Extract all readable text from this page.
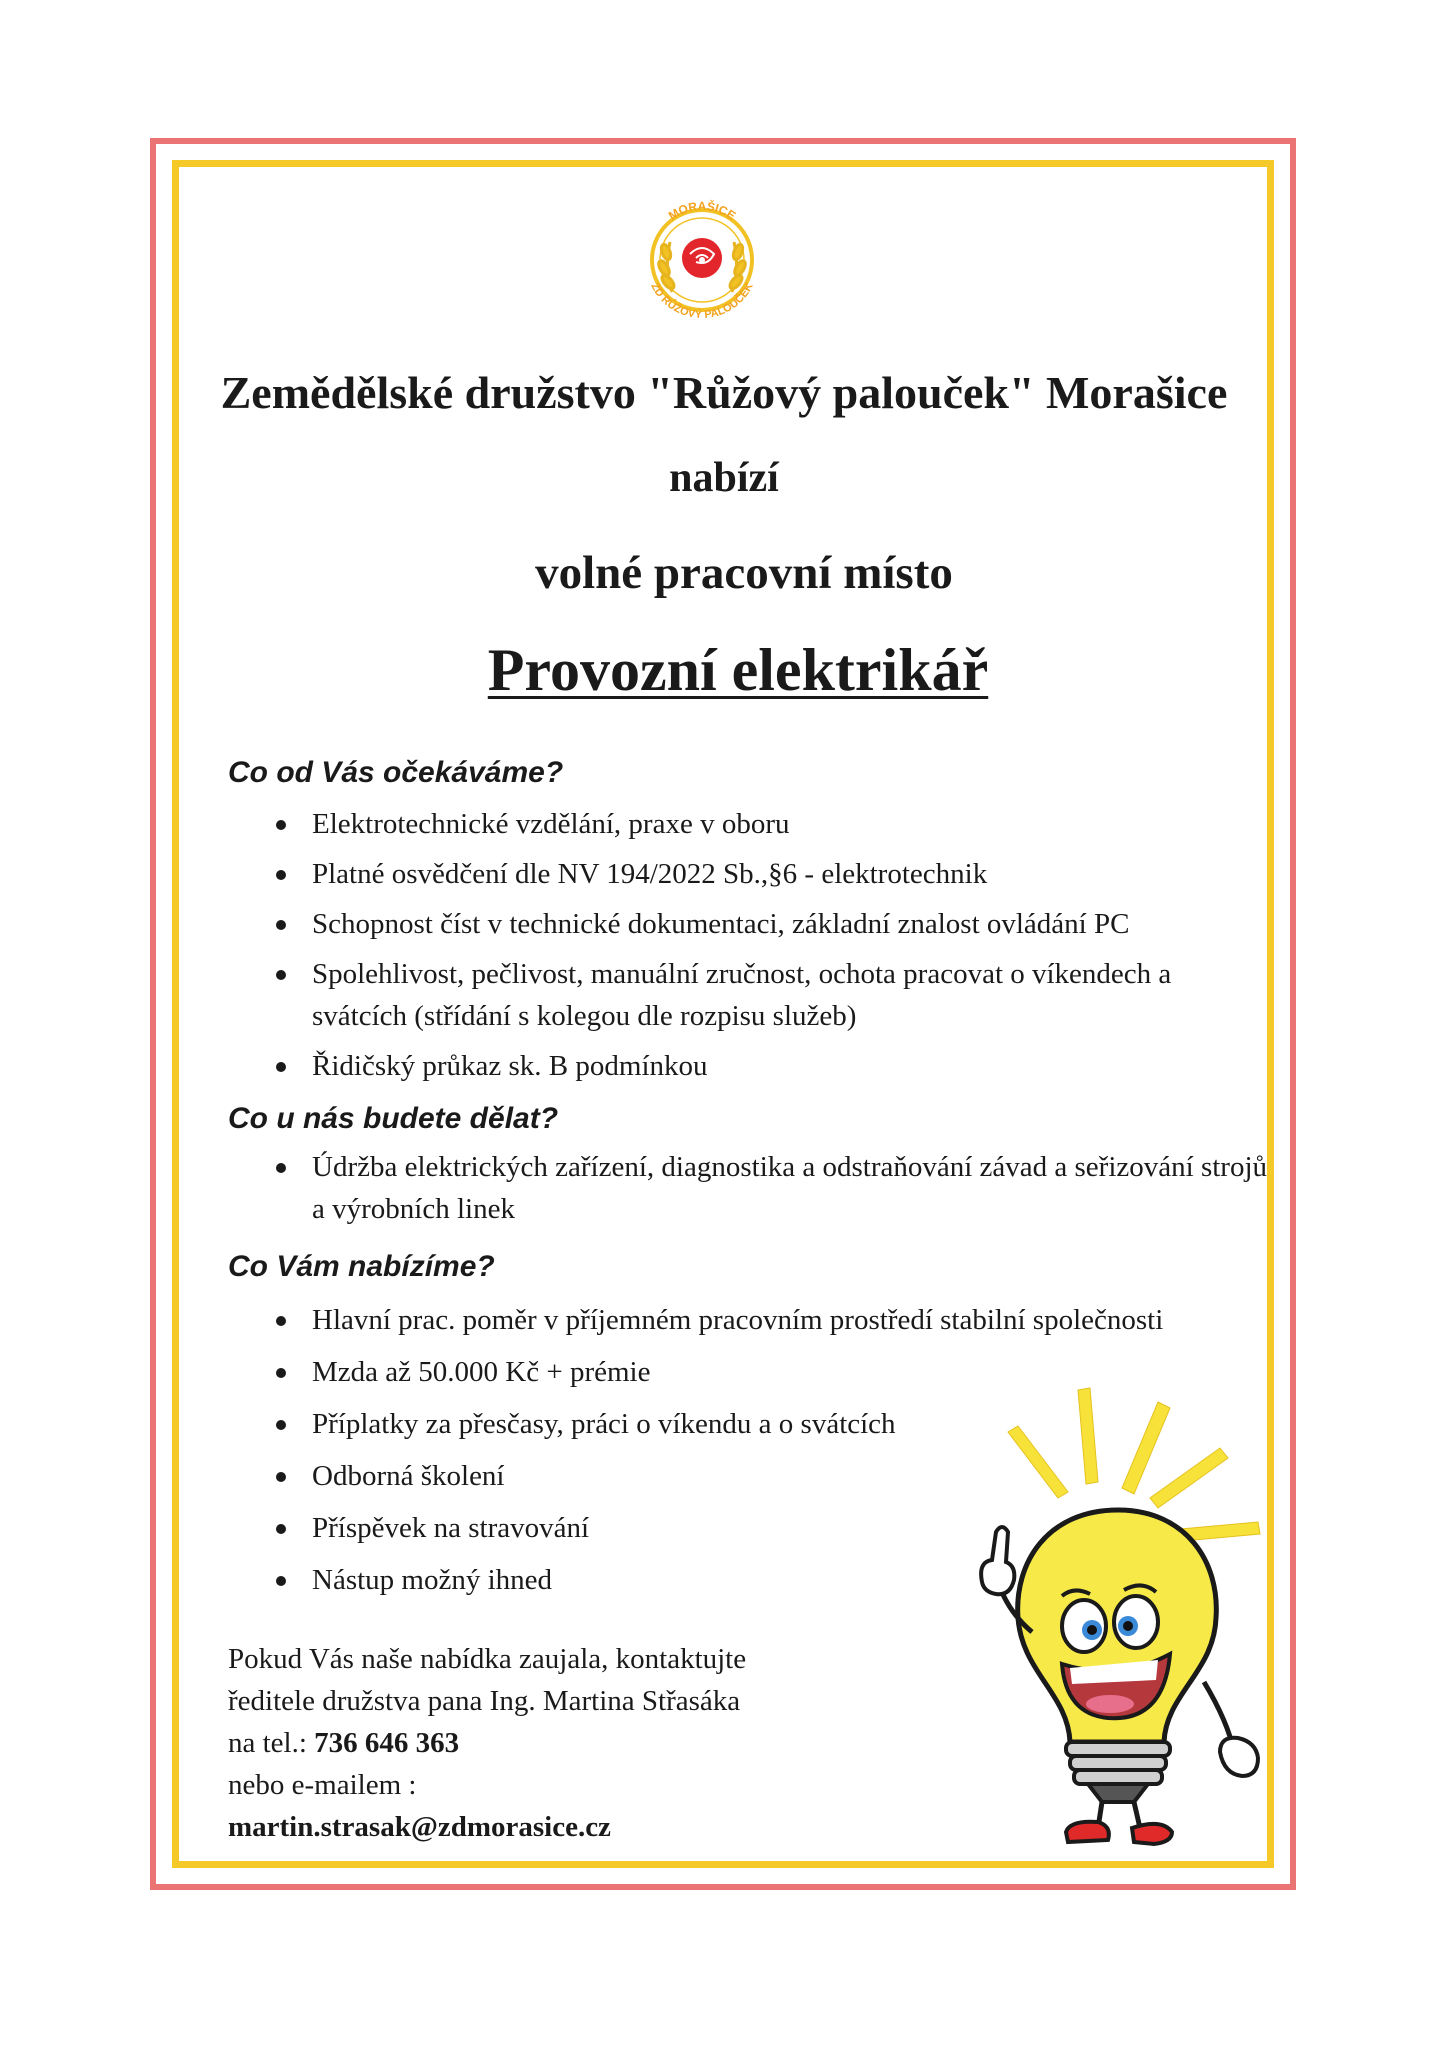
MORAŠICE
ZD RŮŽOVÝ PALOUČEK
Zemědělské družstvo "Růžový palouček" Morašice
nabízí
volné pracovní místo
Provozní elektrikář
Co od Vás očekáváme?
Elektrotechnické vzdělání, praxe v oboru
Platné osvědčení dle NV 194/2022 Sb.,§6 - elektrotechnik
Schopnost číst v technické dokumentaci, základní znalost ovládání PC
Spolehlivost, pečlivost, manuální zručnost, ochota pracovat o víkendech a svátcích (střídání s kolegou dle rozpisu služeb)
Řidičský průkaz sk. B podmínkou
Co u nás budete dělat?
Údržba elektrických zařízení, diagnostika a odstraňování závad a seřizování strojů a výrobních linek
Co Vám nabízíme?
Hlavní prac. poměr v příjemném pracovním prostředí stabilní společnosti
Mzda až 50.000 Kč + prémie
Příplatky za přesčasy, práci o víkendu a o svátcích
Odborná školení
Příspěvek na stravování
Nástup možný ihned
Pokud Vás naše nabídka zaujala, kontaktujte
ředitele družstva pana Ing. Martina Střasáka
na tel.: 736 646 363
nebo e-mailem :
martin.strasak@zdmorasice.cz
